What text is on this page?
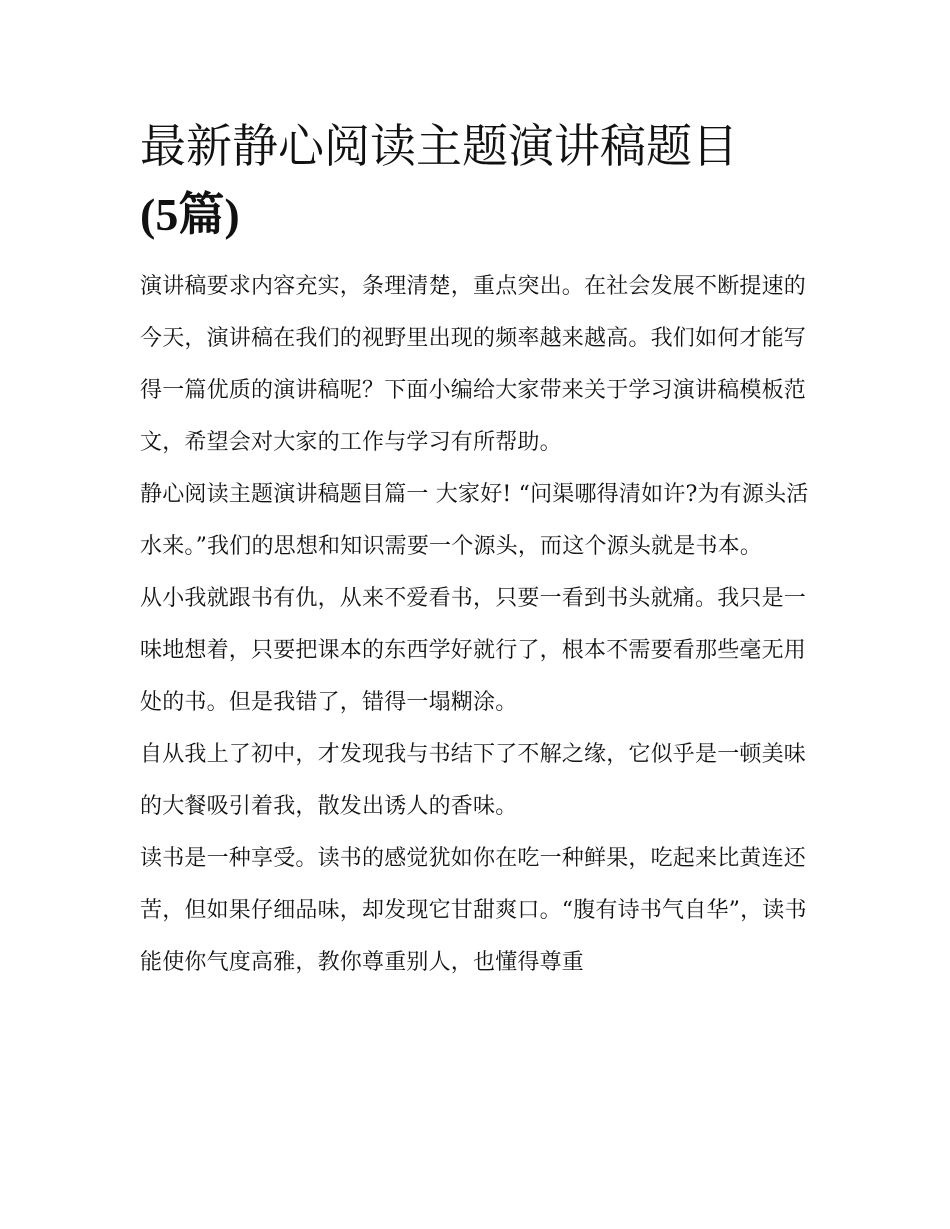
最新静心阅读主题演讲稿题目
(5篇)

演讲稿要求内容充实，条理清楚，重点突出。在社会发展不断提速的今天，演讲稿在我们的视野里出现的频率越来越高。我们如何才能写得一篇优质的演讲稿呢？下面小编给大家带来关于学习演讲稿模板范文，希望会对大家的工作与学习有所帮助。

静心阅读主题演讲稿题目篇一 大家好! “问渠哪得清如许?为有源头活水来。”我们的思想和知识需要一个源头，而这个源头就是书本。

从小我就跟书有仇，从来不爱看书，只要一看到书头就痛。我只是一味地想着，只要把课本的东西学好就行了，根本不需要看那些毫无用处的书。但是我错了，错得一塌糊涂。

自从我上了初中，才发现我与书结下了不解之缘，它似乎是一顿美味的大餐吸引着我，散发出诱人的香味。

读书是一种享受。读书的感觉犹如你在吃一种鲜果，吃起来比黄连还苦，但如果仔细品味，却发现它甘甜爽口。“腹有诗书气自华”，读书能使你气度高雅，教你尊重别人，也懂得尊重
